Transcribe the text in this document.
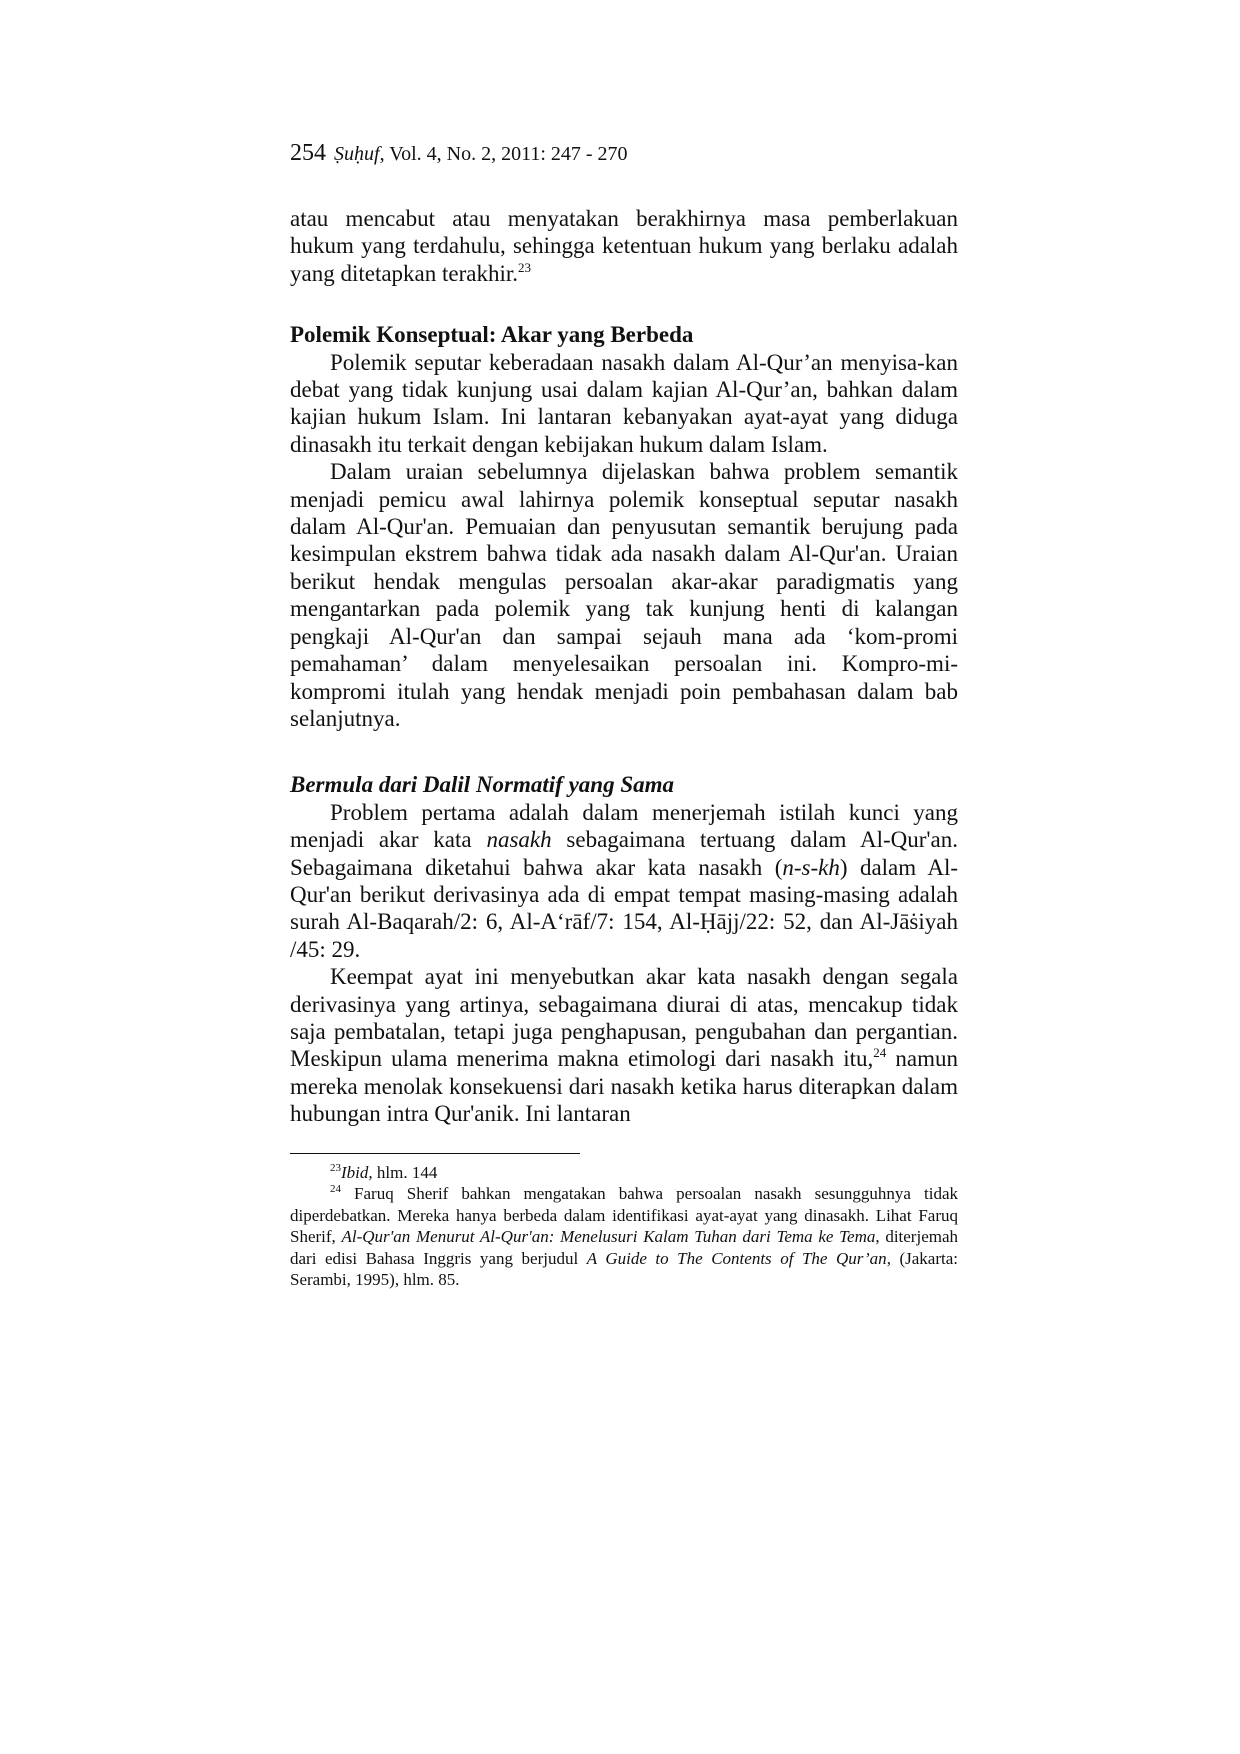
254 Ṣuḥuf, Vol. 4, No. 2, 2011: 247 - 270

atau mencabut atau menyatakan berakhirnya masa pemberlakuan hukum yang terdahulu, sehingga ketentuan hukum yang berlaku adalah yang ditetapkan terakhir.$^{23}$

Polemik Konseptual: Akar yang Berbeda

Polemik seputar keberadaan nasakh dalam Al-Qur’an menyisa-kan debat yang tidak kunjung usai dalam kajian Al-Qur’an, bahkan dalam kajian hukum Islam. Ini lantaran kebanyakan ayat-ayat yang diduga dinasakh itu terkait dengan kebijakan hukum dalam Islam.

Dalam uraian sebelumnya dijelaskan bahwa problem semantik menjadi pemicu awal lahirnya polemik konseptual seputar nasakh dalam Al-Qur'an. Pemuaian dan penyusutan semantik berujung pada kesimpulan ekstrem bahwa tidak ada nasakh dalam Al-Qur'an. Uraian berikut hendak mengulas persoalan akar-akar paradigmatis yang mengantarkan pada polemik yang tak kunjung henti di kalangan pengkaji Al-Qur'an dan sampai sejauh mana ada ‘kom-promi pemahaman’ dalam menyelesaikan persoalan ini. Kompro-mi-kompromi itulah yang hendak menjadi poin pembahasan dalam bab selanjutnya.

Bermula dari Dalil Normatif yang Sama

Problem pertama adalah dalam menerjemah istilah kunci yang menjadi akar kata nasakh sebagaimana tertuang dalam Al-Qur'an. Sebagaimana diketahui bahwa akar kata nasakh (n-s-kh) dalam Al-Qur'an berikut derivasinya ada di empat tempat masing-masing adalah surah Al-Baqarah/2: 6, Al-A‘rāf/7: 154, Al-Ḥājj/22: 52, dan Al-Jāṡiyah /45: 29.

Keempat ayat ini menyebutkan akar kata nasakh dengan segala derivasinya yang artinya, sebagaimana diurai di atas, mencakup tidak saja pembatalan, tetapi juga penghapusan, pengubahan dan pergantian. Meskipun ulama menerima makna etimologi dari nasakh itu,$^{24}$ namun mereka menolak konsekuensi dari nasakh ketika harus diterapkan dalam hubungan intra Qur'anik. Ini lantaran

$^{23}$Ibid, hlm. 144

$^{24}$ Faruq Sherif bahkan mengatakan bahwa persoalan nasakh sesungguhnya tidak diperdebatkan. Mereka hanya berbeda dalam identifikasi ayat-ayat yang dinasakh. Lihat Faruq Sherif, Al-Qur'an Menurut Al-Qur'an: Menelusuri Kalam Tuhan dari Tema ke Tema, diterjemah dari edisi Bahasa Inggris yang berjudul A Guide to The Contents of The Qur’an, (Jakarta: Serambi, 1995), hlm. 85.
